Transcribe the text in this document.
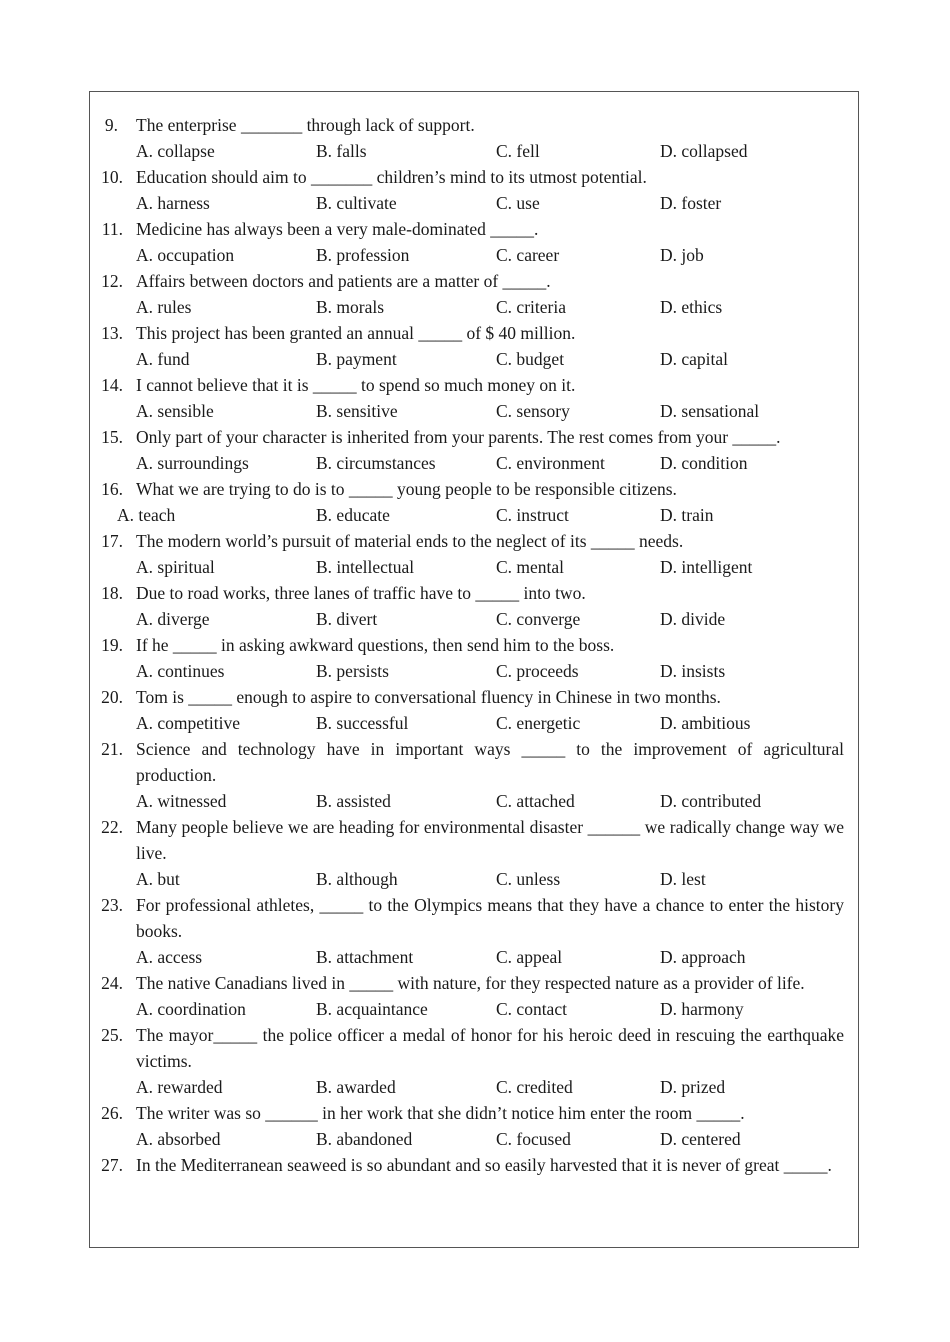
9. The enterprise _______ through lack of support.
A. collapse	B. falls	C. fell	D. collapsed
10. Education should aim to _______ children’s mind to its utmost potential.
A. harness	B. cultivate	C. use	D. foster
11. Medicine has always been a very male-dominated _____.
A. occupation	B. profession	C. career	D. job
12. Affairs between doctors and patients are a matter of _____.
A. rules	B. morals	C. criteria	D. ethics
13. This project has been granted an annual _____ of $ 40 million.
A. fund	B. payment	C. budget	D. capital
14. I cannot believe that it is _____ to spend so much money on it.
A. sensible	B. sensitive	C. sensory	D. sensational
15. Only part of your character is inherited from your parents. The rest comes from your _____.
A. surroundings	B. circumstances	C. environment	D. condition
16. What we are trying to do is to _____ young people to be responsible citizens.
A. teach	B. educate	C. instruct	D. train
17. The modern world’s pursuit of material ends to the neglect of its _____ needs.
A. spiritual	B. intellectual	C. mental	D. intelligent
18. Due to road works, three lanes of traffic have to _____ into two.
A. diverge	B. divert	C. converge	D. divide
19. If he _____ in asking awkward questions, then send him to the boss.
A. continues	B. persists	C. proceeds	D. insists
20. Tom is _____ enough to aspire to conversational fluency in Chinese in two months.
A. competitive	B. successful	C. energetic	D. ambitious
21. Science and technology have in important ways _____ to the improvement of agricultural production.
A. witnessed	B. assisted	C. attached	D. contributed
22. Many people believe we are heading for environmental disaster ______ we radically change way we live.
A. but	B. although	C. unless	D. lest
23. For professional athletes, _____ to the Olympics means that they have a chance to enter the history books.
A. access	B. attachment	C. appeal	D. approach
24. The native Canadians lived in _____ with nature, for they respected nature as a provider of life.
A. coordination	B. acquaintance	C. contact	D. harmony
25. The mayor_____ the police officer a medal of honor for his heroic deed in rescuing the earthquake victims.
A. rewarded	B. awarded	C. credited	D. prized
26. The writer was so ______ in her work that she didn’t notice him enter the room _____.
A. absorbed	B. abandoned	C. focused	D. centered
27. In the Mediterranean seaweed is so abundant and so easily harvested that it is never of great _____.
